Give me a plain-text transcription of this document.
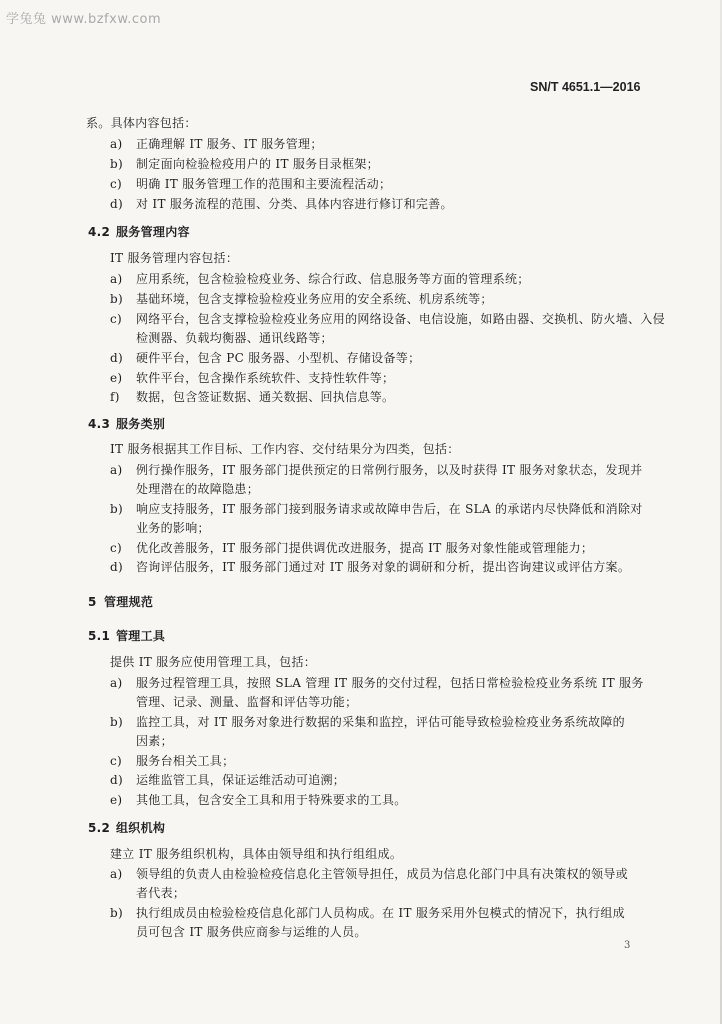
学兔兔 www.bzfxw.com
SN/T 4651.1—2016
系。具体内容包括：
a) 正确理解 IT 服务、IT 服务管理；
b) 制定面向检验检疫用户的 IT 服务目录框架；
c) 明确 IT 服务管理工作的范围和主要流程活动；
d) 对 IT 服务流程的范围、分类、具体内容进行修订和完善。
4.2 服务管理内容
IT 服务管理内容包括：
a) 应用系统，包含检验检疫业务、综合行政、信息服务等方面的管理系统；
b) 基础环境，包含支撑检验检疫业务应用的安全系统、机房系统等；
c) 网络平台，包含支撑检验检疫业务应用的网络设备、电信设施，如路由器、交换机、防火墙、入侵
检测器、负载均衡器、通讯线路等；
d) 硬件平台，包含 PC 服务器、小型机、存储设备等；
e) 软件平台，包含操作系统软件、支持性软件等；
f) 数据，包含签证数据、通关数据、回执信息等。
4.3 服务类别
IT 服务根据其工作目标、工作内容、交付结果分为四类，包括：
a) 例行操作服务，IT 服务部门提供预定的日常例行服务，以及时获得 IT 服务对象状态，发现并
处理潜在的故障隐患；
b) 响应支持服务，IT 服务部门接到服务请求或故障申告后，在 SLA 的承诺内尽快降低和消除对
业务的影响；
c) 优化改善服务，IT 服务部门提供调优改进服务，提高 IT 服务对象性能或管理能力；
d) 咨询评估服务，IT 服务部门通过对 IT 服务对象的调研和分析，提出咨询建议或评估方案。
5 管理规范
5.1 管理工具
提供 IT 服务应使用管理工具，包括：
a) 服务过程管理工具，按照 SLA 管理 IT 服务的交付过程，包括日常检验检疫业务系统 IT 服务
管理、记录、测量、监督和评估等功能；
b) 监控工具，对 IT 服务对象进行数据的采集和监控，评估可能导致检验检疫业务系统故障的
因素；
c) 服务台相关工具；
d) 运维监管工具，保证运维活动可追溯；
e) 其他工具，包含安全工具和用于特殊要求的工具。
5.2 组织机构
建立 IT 服务组织机构，具体由领导组和执行组组成。
a) 领导组的负责人由检验检疫信息化主管领导担任，成员为信息化部门中具有决策权的领导或
者代表；
b) 执行组成员由检验检疫信息化部门人员构成。在 IT 服务采用外包模式的情况下，执行组成
员可包含 IT 服务供应商参与运维的人员。
3
